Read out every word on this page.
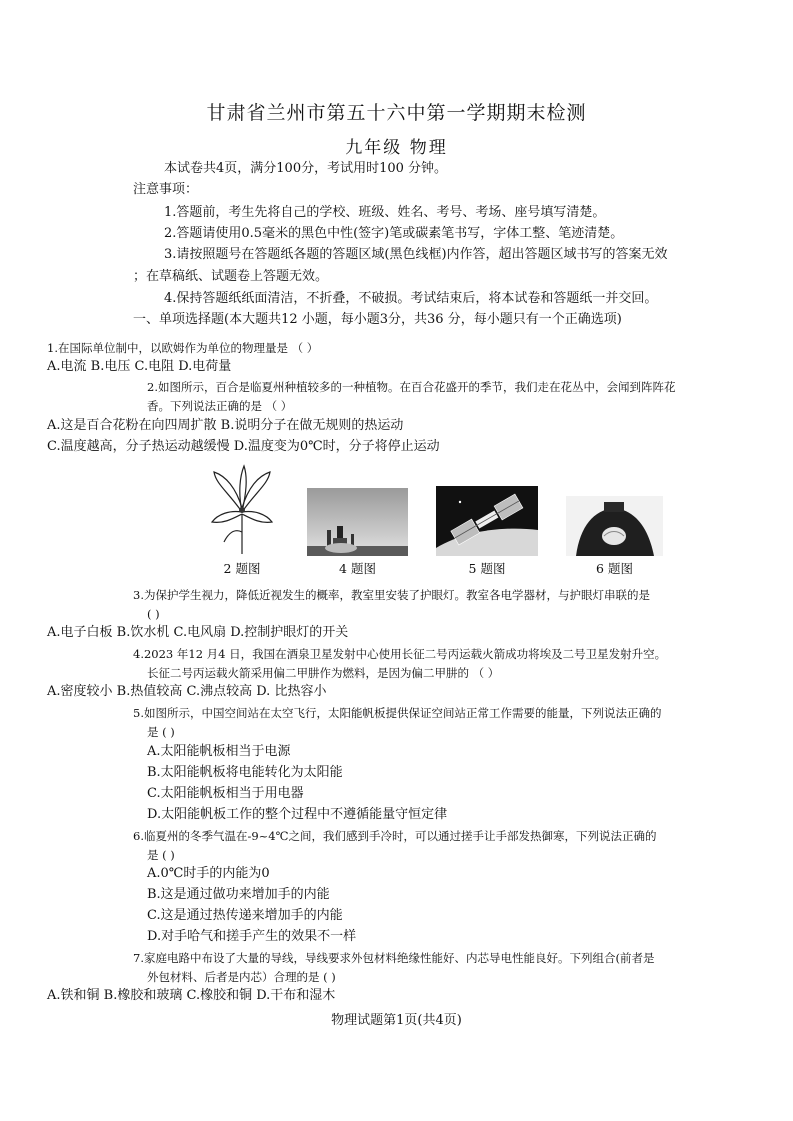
甘肃省兰州市第五十六中第一学期期末检测
九年级 物理
本试卷共4页，满分100分，考试用时100 分钟。
注意事项：
1.答题前，考生先将自己的学校、班级、姓名、考号、考场、座号填写清楚。
2.答题请使用0.5毫米的黑色中性(签字)笔或碳素笔书写，字体工整、笔迹清楚。
3.请按照题号在答题纸各题的答题区域(黑色线框)内作答，超出答题区域书写的答案无效
；在草稿纸、试题卷上答题无效。
4.保持答题纸纸面清洁，不折叠，不破损。考试结束后，将本试卷和答题纸一并交回。
一、单项选择题(本大题共12 小题，每小题3分，共36 分，每小题只有一个正确选项)
1.在国际单位制中，以欧姆作为单位的物理量是 （ ）
A.电流 B.电压 C.电阻 D.电荷量
2.如图所示，百合是临夏州种植较多的一种植物。在百合花盛开的季节，我们走在花丛中，会闻到阵阵花
香。下列说法正确的是 （ ）
A.这是百合花粉在向四周扩散 B.说明分子在做无规则的热运动
C.温度越高，分子热运动越缓慢 D.温度变为0℃时，分子将停止运动
2 题图	4 题图	5 题图	6 题图
3.为保护学生视力，降低近视发生的概率，教室里安装了护眼灯。教室各电学器材，与护眼灯串联的是
( )
A.电子白板 B.饮水机 C.电风扇 D.控制护眼灯的开关
4.2023 年12 月4 日，我国在酒泉卫星发射中心使用长征二号丙运载火箭成功将埃及二号卫星发射升空。
长征二号丙运载火箭采用偏二甲肼作为燃料，是因为偏二甲肼的 （ ）
A.密度较小 B.热值较高 C.沸点较高 D. 比热容小
5.如图所示，中国空间站在太空飞行，太阳能帆板提供保证空间站正常工作需要的能量，下列说法正确的
是 ( )
A.太阳能帆板相当于电源
B.太阳能帆板将电能转化为太阳能
C.太阳能帆板相当于用电器
D.太阳能帆板工作的整个过程中不遵循能量守恒定律
6.临夏州的冬季气温在-9~4℃之间，我们感到手冷时，可以通过搓手让手部发热御寒，下列说法正确的
是 ( )
A.0℃时手的内能为0
B.这是通过做功来增加手的内能
C.这是通过热传递来增加手的内能
D.对手哈气和搓手产生的效果不一样
7.家庭电路中布设了大量的导线，导线要求外包材料绝缘性能好、内芯导电性能良好。下列组合(前者是
外包材料、后者是内芯）合理的是 ( )
A.铁和铜 B.橡胶和玻璃 C.橡胶和铜 D.干布和湿木
物理试题第1页(共4页)
